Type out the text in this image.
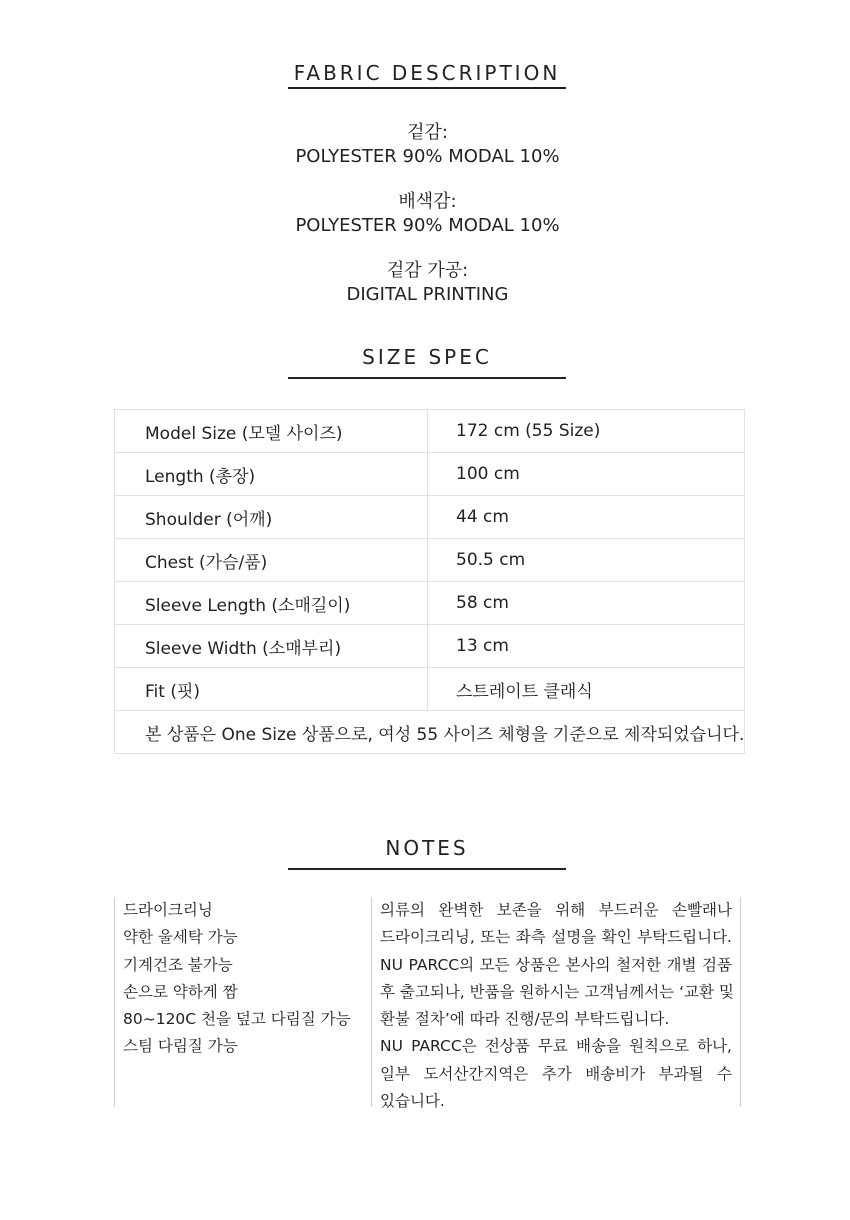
FABRIC DESCRIPTION
겉감:
POLYESTER 90% MODAL 10%
배색감:
POLYESTER 90% MODAL 10%
겉감 가공:
DIGITAL PRINTING
SIZE SPEC
Model Size (모델 사이즈)	172 cm (55 Size)
Length (총장)	100 cm
Shoulder (어깨)	44 cm
Chest (가슴/품)	50.5 cm
Sleeve Length (소매길이)	58 cm
Sleeve Width (소매부리)	13 cm
Fit (핏)	스트레이트 클래식
본 상품은 One Size 상품으로, 여성 55 사이즈 체형을 기준으로 제작되었습니다.	
NOTES
드라이크리닝
약한 울세탁 가능
기계건조 불가능
손으로 약하게 짬
80~120C 천을 덮고 다림질 가능
스팀 다림질 가능
의류의 완벽한 보존을 위해 부드러운 손빨래나
드라이크리닝, 또는 좌측 설명을 확인 부탁드립니다.
NU PARCC의 모든 상품은 본사의 철저한 개별 검품
후 출고되나, 반품을 원하시는 고객님께서는 ‘교환 및
환불 절차’에 따라 진행/문의 부탁드립니다.
NU PARCC은 전상품 무료 배송을 원칙으로 하나,
일부 도서산간지역은 추가 배송비가 부과될 수
있습니다.
